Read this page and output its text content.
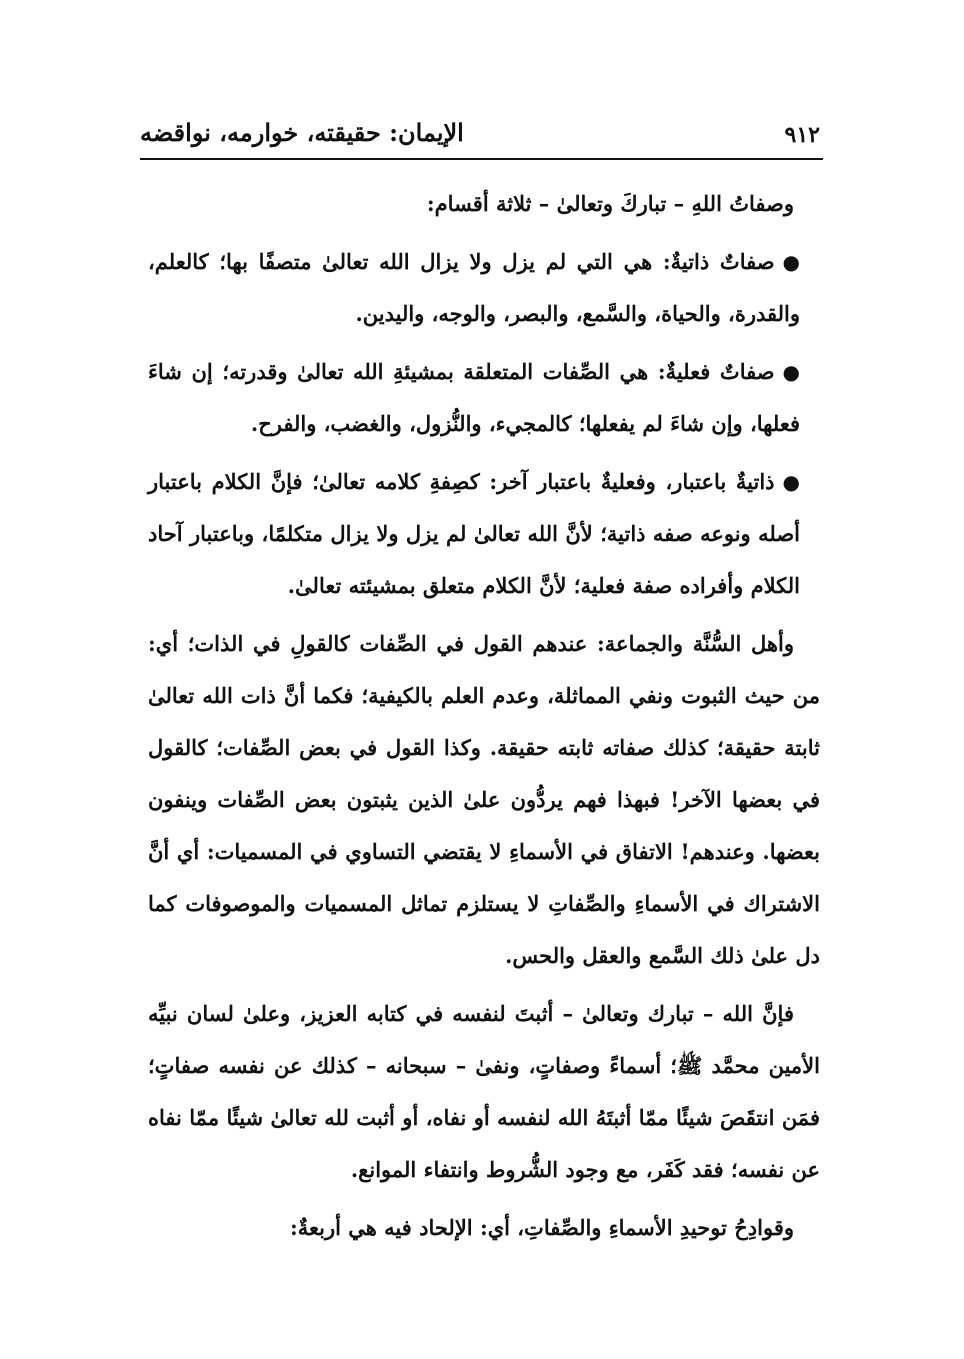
٩١٢
الإيمان: حقيقته، خوارمه، نواقضه

وصفاتُ اللهِ – تباركَ وتعالىٰ – ثلاثة أقسام:

●صفاتٌ ذاتيةٌ: هي التي لم يزل ولا يزال الله تعالىٰ متصفًا بها؛ كالعلم، والقدرة، والحياة، والسَّمع، والبصر، والوجه، واليدين.

●صفاتٌ فعليةٌ: هي الصِّفات المتعلقة بمشيئةِ الله تعالىٰ وقدرته؛ إن شاءَ فعلها، وإن شاءَ لم يفعلها؛ كالمجيء، والنُّزول، والغضب، والفرح.

●ذاتيةٌ باعتبار، وفعليةٌ باعتبار آخر: كصِفةِ كلامه تعالىٰ؛ فإنَّ الكلام باعتبار أصله ونوعه صفه ذاتية؛ لأنَّ الله تعالىٰ لم يزل ولا يزال متكلمًا، وباعتبار آحاد الكلام وأفراده صفة فعلية؛ لأنَّ الكلام متعلق بمشيئته تعالىٰ.

وأهل السُّنَّة والجماعة: عندهم القول في الصِّفات كالقولِ في الذات؛ أي: من حيث الثبوت ونفي المماثلة، وعدم العلم بالكيفية؛ فكما أنَّ ذات الله تعالىٰ ثابتة حقيقة؛ كذلك صفاته ثابته حقيقة. وكذا القول في بعض الصِّفات؛ كالقول في بعضها الآخر! فبهذا فهم يردُّون علىٰ الذين يثبتون بعض الصِّفات وينفون بعضها. وعندهم! الاتفاق في الأسماءِ لا يقتضي التساوي في المسميات: أي أنَّ الاشتراك في الأسماءِ والصِّفاتِ لا يستلزم تماثل المسميات والموصوفات كما دل علىٰ ذلك السَّمع والعقل والحس.

فإنَّ الله – تبارك وتعالىٰ – أثبتَ لنفسه في كتابه العزيز، وعلىٰ لسان نبيِّه الأمين محمَّد ﷺ؛ أسماءً وصفاتٍ، ونفىٰ – سبحانه – كذلك عن نفسه صفاتٍ؛ فمَن انتقَصَ شيئًا ممّا أثبتَهُ الله لنفسه أو نفاه، أو أثبت لله تعالىٰ شيئًا ممّا نفاه عن نفسه؛ فقد كَفَر، مع وجود الشُّروط وانتفاء الموانع.

وقوادِحُ توحيدِ الأسماءِ والصِّفاتِ، أي: الإلحاد فيه هي أربعةٌ:
